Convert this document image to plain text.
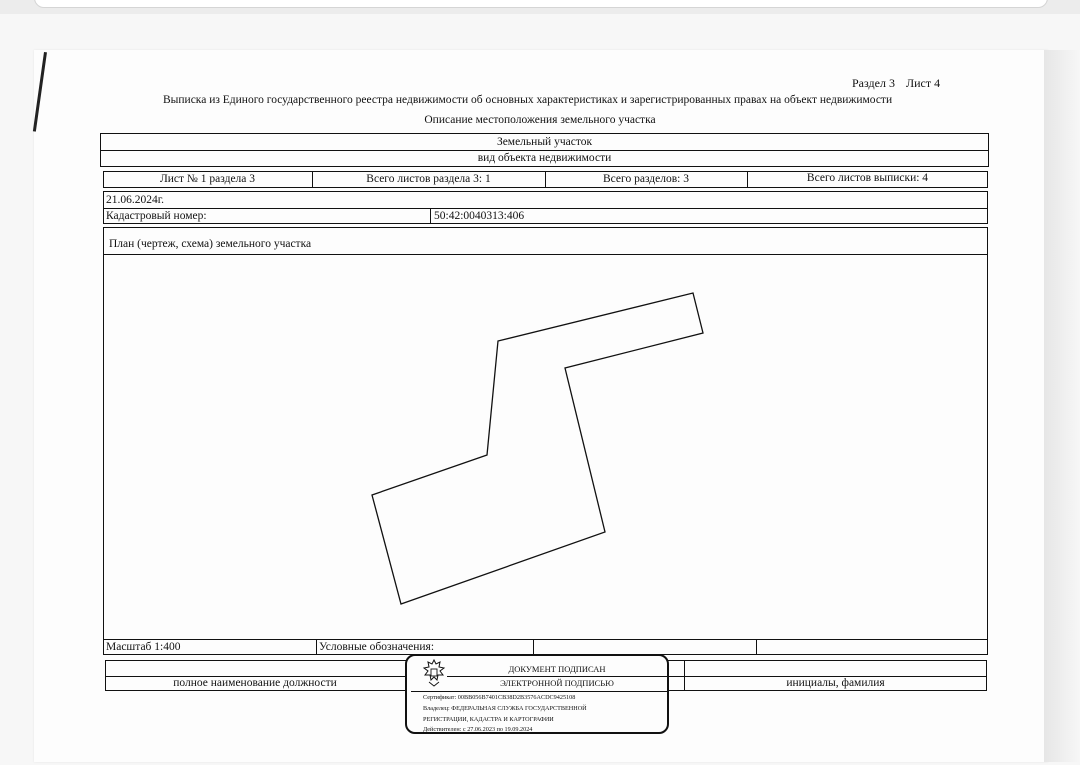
Раздел 3 Лист 4
Выписка из Единого государственного реестра недвижимости об основных характеристиках и зарегистрированных правах на объект недвижимости
Описание местоположения земельного участка
Земельный участок
вид объекта недвижимости
Лист № 1 раздела 3	Всего листов раздела 3: 1	Всего разделов: 3	Всего листов выписки: 4
21.06.2024г.
Кадастровый номер:	50:42:0040313:406
План (чертеж, схема) земельного участка
Масштаб 1:400	Условные обозначения:
полное наименование должности	инициалы, фамилия
ДОКУМЕНТ ПОДПИСАН
ЭЛЕКТРОННОЙ ПОДПИСЬЮ
Сертификат: 00BB056B7401CB38D2B3576ACDC9425108
Владелец: ФЕДЕРАЛЬНАЯ СЛУЖБА ГОСУДАРСТВЕННОЙ
РЕГИСТРАЦИИ, КАДАСТРА И КАРТОГРАФИИ
Действителен: с 27.06.2023 по 19.09.2024
